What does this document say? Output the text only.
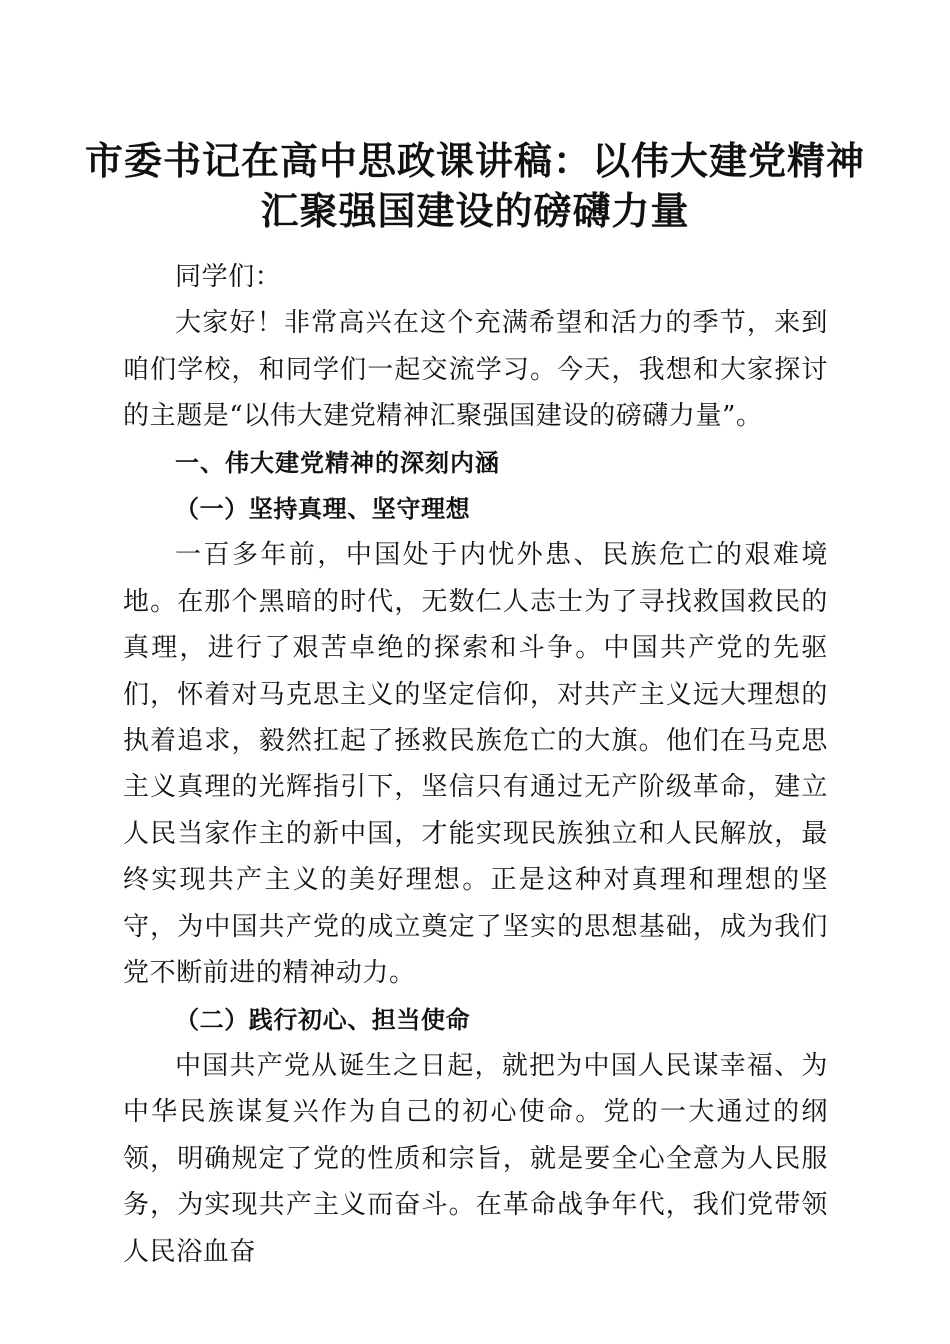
市委书记在高中思政课讲稿：以伟大建党精神
汇聚强国建设的磅礴力量

同学们：

大家好！非常高兴在这个充满希望和活力的季节，来到咱们学校，和同学们一起交流学习。今天，我想和大家探讨的主题是“以伟大建党精神汇聚强国建设的磅礴力量”。

一、伟大建党精神的深刻内涵

（一）坚持真理、坚守理想

一百多年前，中国处于内忧外患、民族危亡的艰难境地。在那个黑暗的时代，无数仁人志士为了寻找救国救民的真理，进行了艰苦卓绝的探索和斗争。中国共产党的先驱们，怀着对马克思主义的坚定信仰，对共产主义远大理想的执着追求，毅然扛起了拯救民族危亡的大旗。他们在马克思主义真理的光辉指引下，坚信只有通过无产阶级革命，建立人民当家作主的新中国，才能实现民族独立和人民解放，最终实现共产主义的美好理想。正是这种对真理和理想的坚守，为中国共产党的成立奠定了坚实的思想基础，成为我们党不断前进的精神动力。

（二）践行初心、担当使命

中国共产党从诞生之日起，就把为中国人民谋幸福、为中华民族谋复兴作为自己的初心使命。党的一大通过的纲领，明确规定了党的性质和宗旨，就是要全心全意为人民服务，为实现共产主义而奋斗。在革命战争年代，我们党带领人民浴血奋
